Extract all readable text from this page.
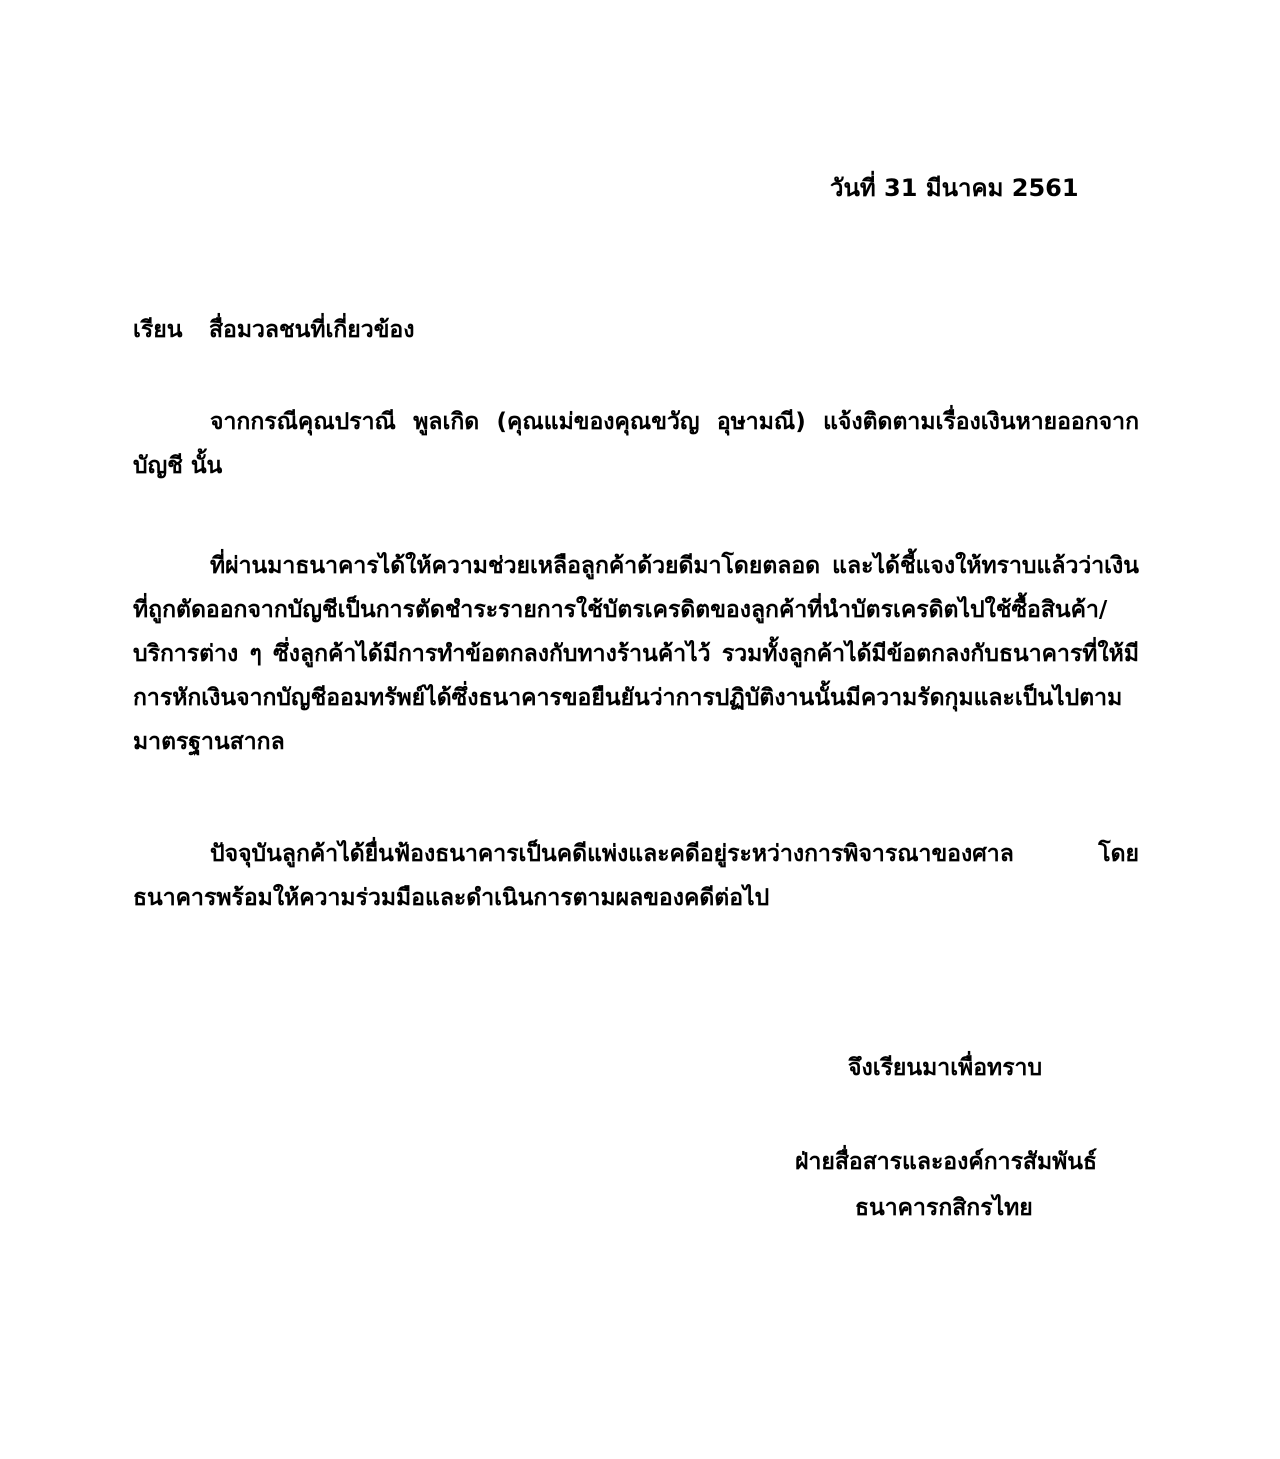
วันที่ 31 มีนาคม 2561
เรียน สื่อมวลชนที่เกี่ยวข้อง

จากกรณีคุณปราณี พูลเกิด (คุณแม่ของคุณขวัญ อุษามณี) แจ้งติดตามเรื่องเงินหายออกจากบัญชี นั้น

ที่ผ่านมาธนาคารได้ให้ความช่วยเหลือลูกค้าด้วยดีมาโดยตลอด และได้ชี้แจงให้ทราบแล้วว่าเงินที่ถูกตัดออกจากบัญชีเป็นการตัดชำระรายการใช้บัตรเครดิตของลูกค้าที่นำบัตรเครดิตไปใช้ซื้อสินค้า/บริการต่าง ๆ ซึ่งลูกค้าได้มีการทำข้อตกลงกับทางร้านค้าไว้ รวมทั้งลูกค้าได้มีข้อตกลงกับธนาคารที่ให้มีการหักเงินจากบัญชีออมทรัพย์ได้ซึ่งธนาคารขอยืนยันว่าการปฏิบัติงานนั้นมีความรัดกุมและเป็นไปตามมาตรฐานสากล

ปัจจุบันลูกค้าได้ยื่นฟ้องธนาคารเป็นคดีแพ่งและคดีอยู่ระหว่างการพิจารณาของศาล โดยธนาคารพร้อมให้ความร่วมมือและดำเนินการตามผลของคดีต่อไป

จึงเรียนมาเพื่อทราบ
ฝ่ายสื่อสารและองค์การสัมพันธ์
ธนาคารกสิกรไทย
